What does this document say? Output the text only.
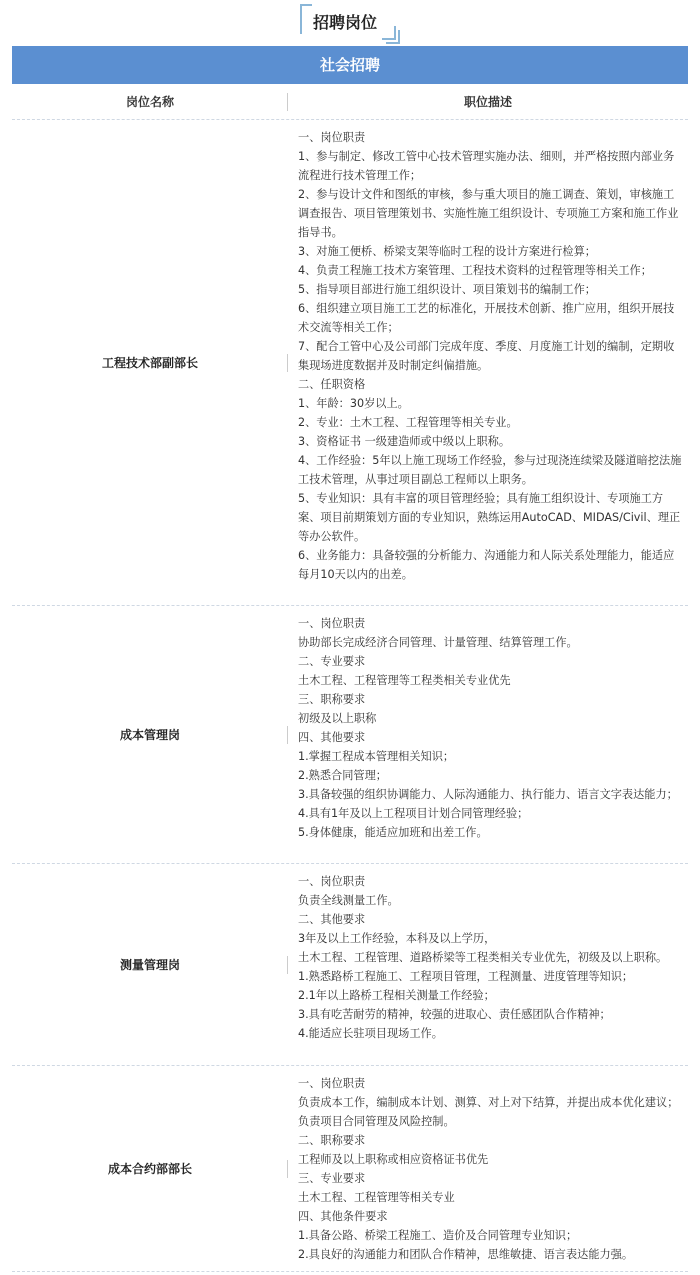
招聘岗位
社会招聘
岗位名称	职位描述
工程技术部副部长
一、岗位职责
1、参与制定、修改工管中心技术管理实施办法、细则，并严格按照内部业务流程进行技术管理工作；
2、参与设计文件和图纸的审核，参与重大项目的施工调查、策划，审核施工调查报告、项目管理策划书、实施性施工组织设计、专项施工方案和施工作业指导书。
3、对施工便桥、桥梁支架等临时工程的设计方案进行检算；
4、负责工程施工技术方案管理、工程技术资料的过程管理等相关工作；
5、指导项目部进行施工组织设计、项目策划书的编制工作；
6、组织建立项目施工工艺的标准化，开展技术创新、推广应用，组织开展技术交流等相关工作；
7、配合工管中心及公司部门完成年度、季度、月度施工计划的编制，定期收集现场进度数据并及时制定纠偏措施。
二、任职资格
1、年龄：30岁以上。
2、专业：土木工程、工程管理等相关专业。
3、资格证书 一级建造师或中级以上职称。
4、工作经验：5年以上施工现场工作经验，参与过现浇连续梁及隧道暗挖法施工技术管理，从事过项目副总工程师以上职务。
5、专业知识：具有丰富的项目管理经验；具有施工组织设计、专项施工方案、项目前期策划方面的专业知识，熟练运用AutoCAD、MIDAS/Civil、理正等办公软件。
6、业务能力：具备较强的分析能力、沟通能力和人际关系处理能力，能适应每月10天以内的出差。
成本管理岗
一、岗位职责
协助部长完成经济合同管理、计量管理、结算管理工作。
二、专业要求
土木工程、工程管理等工程类相关专业优先
三、职称要求
初级及以上职称
四、其他要求
1.掌握工程成本管理相关知识；
2.熟悉合同管理；
3.具备较强的组织协调能力、人际沟通能力、执行能力、语言文字表达能力；
4.具有1年及以上工程项目计划合同管理经验；
5.身体健康，能适应加班和出差工作。
测量管理岗
一、岗位职责
负责全线测量工作。
二、其他要求
3年及以上工作经验，本科及以上学历，
土木工程、工程管理、道路桥梁等工程类相关专业优先，初级及以上职称。
1.熟悉路桥工程施工、工程项目管理，工程测量、进度管理等知识；
2.1年以上路桥工程相关测量工作经验；
3.具有吃苦耐劳的精神，较强的进取心、责任感团队合作精神；
4.能适应长驻项目现场工作。
成本合约部部长
一、岗位职责
负责成本工作，编制成本计划、测算、对上对下结算，并提出成本优化建议；负责项目合同管理及风险控制。
二、职称要求
工程师及以上职称或相应资格证书优先
三、专业要求
土木工程、工程管理等相关专业
四、其他条件要求
1.具备公路、桥梁工程施工、造价及合同管理专业知识；
2.具良好的沟通能力和团队合作精神，思维敏捷、语言表达能力强。
